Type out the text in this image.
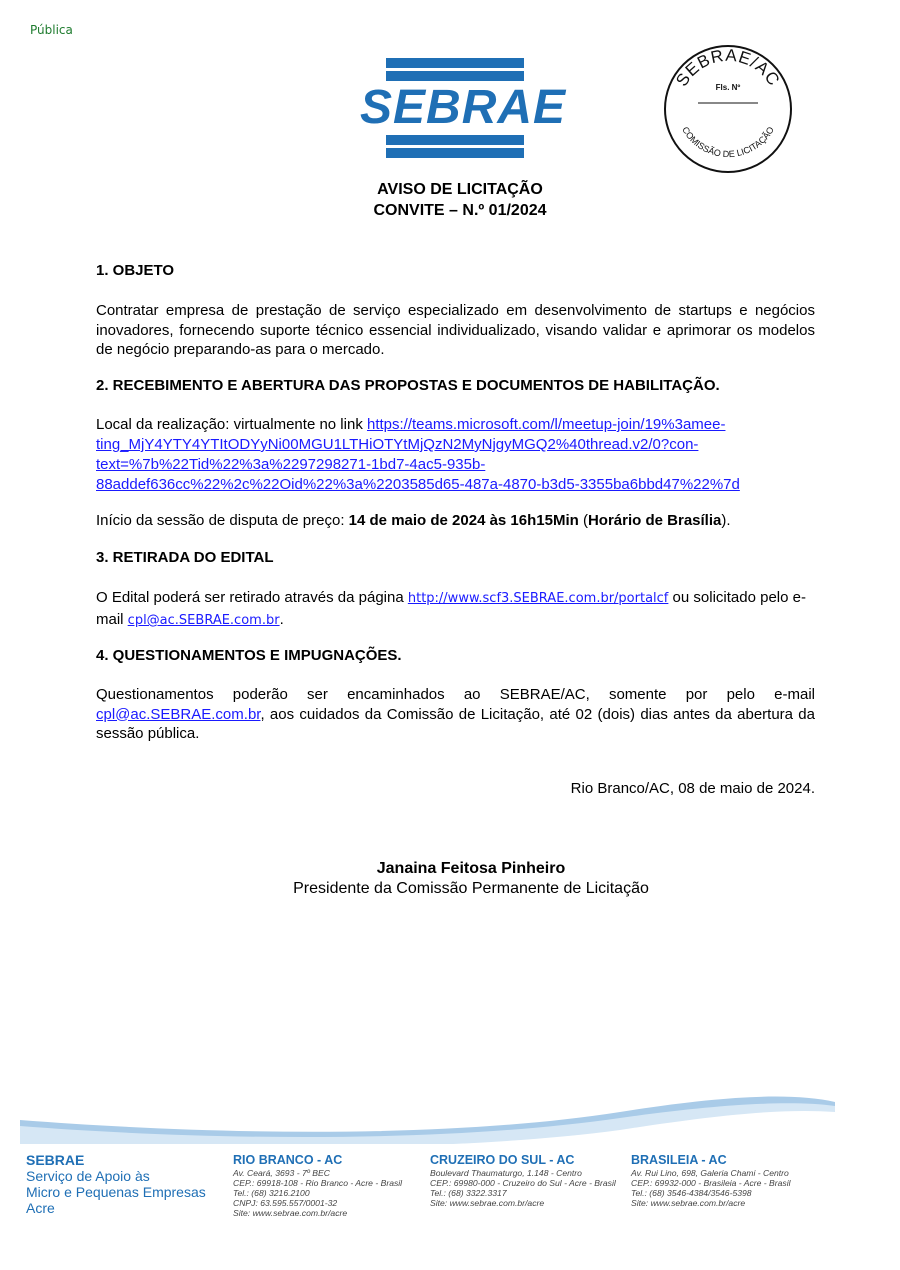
Pública
SEBRAE
SEBRAE/AC
Fls. Nº
COMISSÃO DE LICITAÇÃO
AVISO DE LICITAÇÃO
CONVITE – N.º 01/2024
1. OBJETO
Contratar empresa de prestação de serviço especializado em desenvolvimento de startups e negócios inovadores, fornecendo suporte técnico essencial individualizado, visando validar e aprimorar os modelos de negócio preparando-as para o mercado.
2. RECEBIMENTO E ABERTURA DAS PROPOSTAS E DOCUMENTOS DE HABILITAÇÃO.
Local da realização: virtualmente no link https://teams.microsoft.com/l/meetup-join/19%3amee-
ting_MjY4YTY4YTItODYyNi00MGU1LTHiOTYtMjQzN2MyNjgyMGQ2%40thread.v2/0?con-
text=%7b%22Tid%22%3a%2297298271-1bd7-4ac5-935b-
88addef636cc%22%2c%22Oid%22%3a%2203585d65-487a-4870-b3d5-3355ba6bbd47%22%7d
Início da sessão de disputa de preço: 14 de maio de 2024 às 16h15Min (Horário de Brasília).
3. RETIRADA DO EDITAL
O Edital poderá ser retirado através da página http://www.scf3.SEBRAE.com.br/portalcf ou solicitado pelo e-mail cpl@ac.SEBRAE.com.br.
4. QUESTIONAMENTOS E IMPUGNAÇÕES.
Questionamentos poderão ser encaminhados ao SEBRAE/AC, somente por pelo e-mail cpl@ac.SEBRAE.com.br, aos cuidados da Comissão de Licitação, até 02 (dois) dias antes da abertura da sessão pública.
Rio Branco/AC, 08 de maio de 2024.
Janaina Feitosa Pinheiro
Presidente da Comissão Permanente de Licitação
SEBRAE
Serviço de Apoio às
Micro e Pequenas Empresas
Acre
RIO BRANCO - AC
Av. Ceará, 3693 - 7º BEC
CEP.: 69918-108 - Rio Branco - Acre - Brasil
Tel.: (68) 3216.2100
CNPJ: 63.595.557/0001-32
Site: www.sebrae.com.br/acre
CRUZEIRO DO SUL - AC
Boulevard Thaumaturgo, 1.148 - Centro
CEP.: 69980-000 - Cruzeiro do Sul - Acre - Brasil
Tel.: (68) 3322.3317
Site: www.sebrae.com.br/acre
BRASILEIA - AC
Av. Rui Lino, 698, Galeria Chami - Centro
CEP.: 69932-000 - Brasileia - Acre - Brasil
Tel.: (68) 3546-4384/3546-5398
Site: www.sebrae.com.br/acre
